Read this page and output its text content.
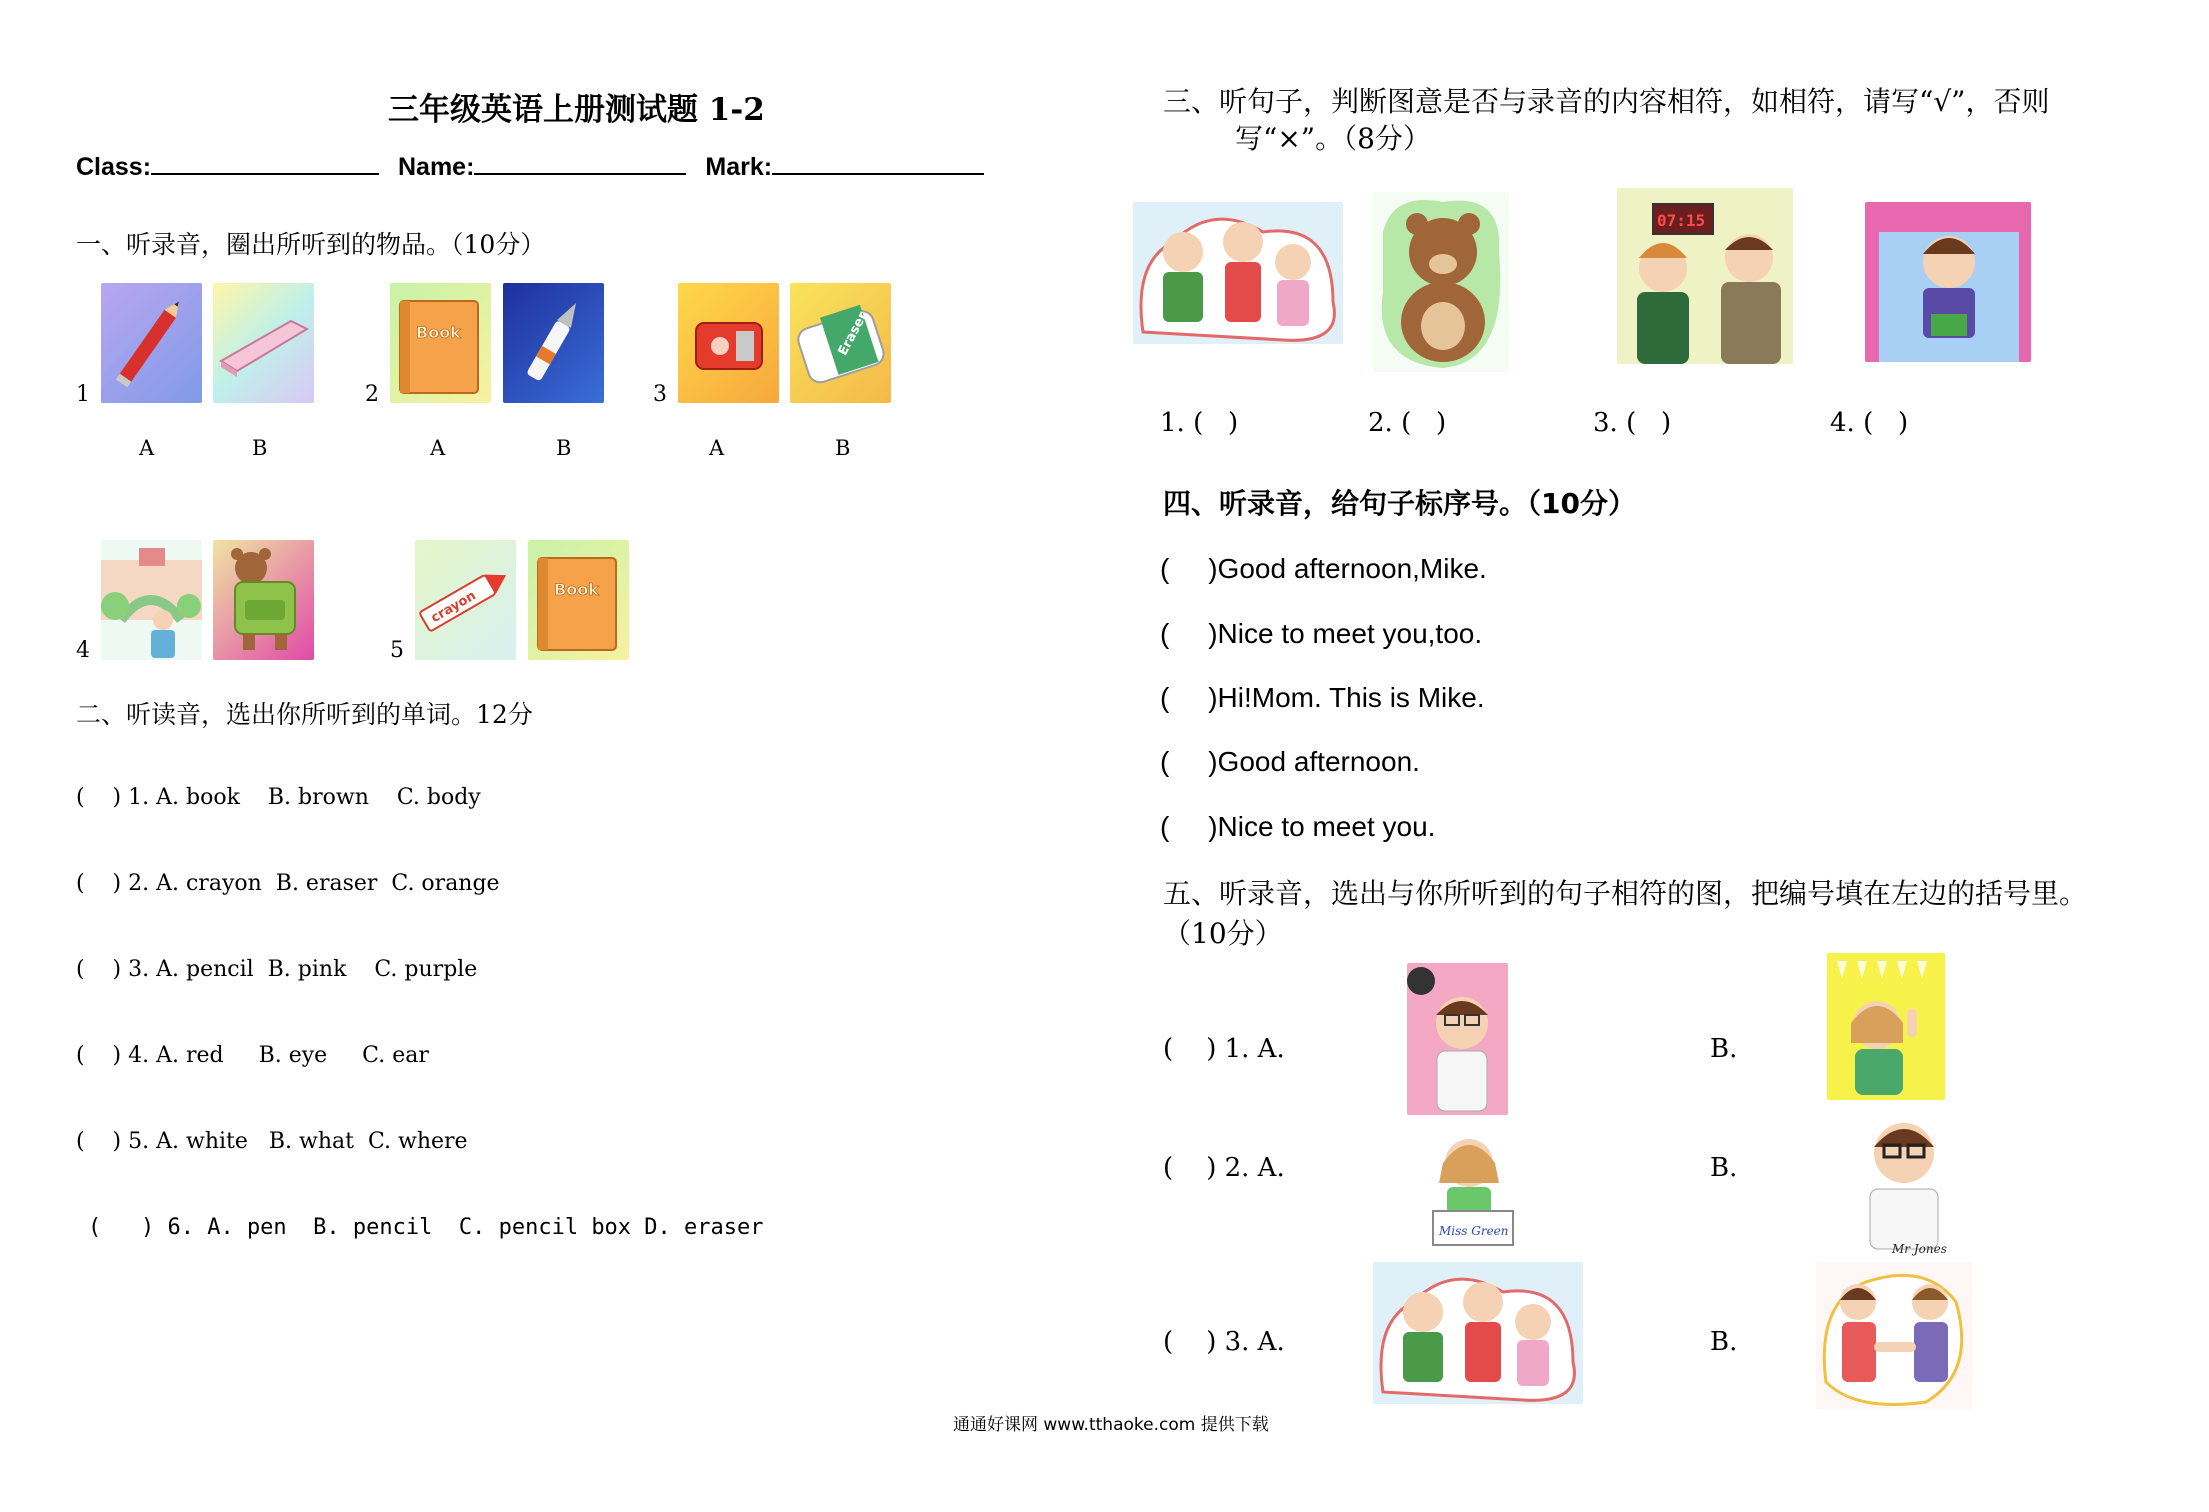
三年级英语上册测试题 1-2
Class:	Name:	Mark:
一、听录音，圈出所听到的物品。（10分）
1
A	B
2
Book
A	B
3
Eraser
A	B
4	5
crayon	Book
二、听读音，选出你所听到的单词。12分
(    ) 1. A. book    B. brown    C. body
(    ) 2. A. crayon  B. eraser  C. orange
(    ) 3. A. pencil  B. pink    C. purple
(    ) 4. A. red     B. eye     C. ear
(    ) 5. A. white   B. what  C. where
(   ) 6. A. pen  B. pencil  C. pencil box D. eraser
三、听句子，判断图意是否与录音的内容相符，如相符，请写“√”，否则
写“×”。（8分）
07:15
1. (   )	2. (   )	3. (   )	4. (   )
四、听录音，给句子标序号。（10分）
(     )Good afternoon,Mike.
(     )Nice to meet you,too.
(     )Hi!Mom. This is Mike.
(     )Good afternoon.
(     )Nice to meet you.
五、听录音，选出与你所听到的句子相符的图，把编号填在左边的括号里。
（10分）
(    ) 1. A.	B.
(    ) 2. A.
Miss Green
B.
Mr Jones
(    ) 3. A.	B.
通通好课网 www.tthaoke.com 提供下载
